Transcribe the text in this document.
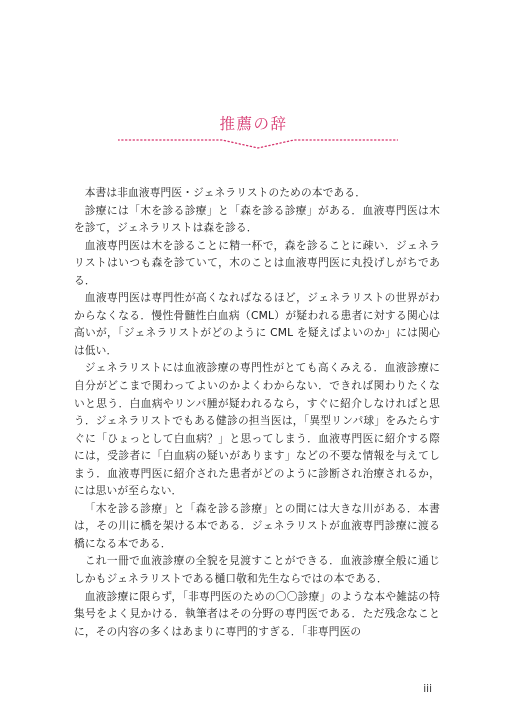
推薦の辞

本書は非血液専門医・ジェネラリストのための本である．

診療には「木を診る診療」と「森を診る診療」がある．血液専門医は木を診て，ジェネラリストは森を診る．

血液専門医は木を診ることに精一杯で，森を診ることに疎い．ジェネラリストはいつも森を診ていて，木のことは血液専門医に丸投げしがちである．

血液専門医は専門性が高くなればなるほど，ジェネラリストの世界がわからなくなる．慢性骨髄性白血病（CML）が疑われる患者に対する関心は高いが，「ジェネラリストがどのように CML を疑えばよいのか」には関心は低い．

ジェネラリストには血液診療の専門性がとても高くみえる．血液診療に自分がどこまで関わってよいのかよくわからない．できれば関わりたくないと思う．白血病やリンパ腫が疑われるなら，すぐに紹介しなければと思う．ジェネラリストでもある健診の担当医は，「異型リンパ球」をみたらすぐに「ひょっとして白血病？」と思ってしまう．血液専門医に紹介する際には，受診者に「白血病の疑いがあります」などの不要な情報を与えてしまう．血液専門医に紹介された患者がどのように診断され治療されるか，には思いが至らない．

「木を診る診療」と「森を診る診療」との間には大きな川がある．本書は，その川に橋を架ける本である．ジェネラリストが血液専門診療に渡る橋になる本である．

これ一冊で血液診療の全貌を見渡すことができる．血液診療全般に通じしかもジェネラリストである樋口敬和先生ならではの本である．

血液診療に限らず，「非専門医のための〇〇診療」のような本や雑誌の特集号をよく見かける．執筆者はその分野の専門医である．ただ残念なことに，その内容の多くはあまりに専門的すぎる．「非専門医の

iii
